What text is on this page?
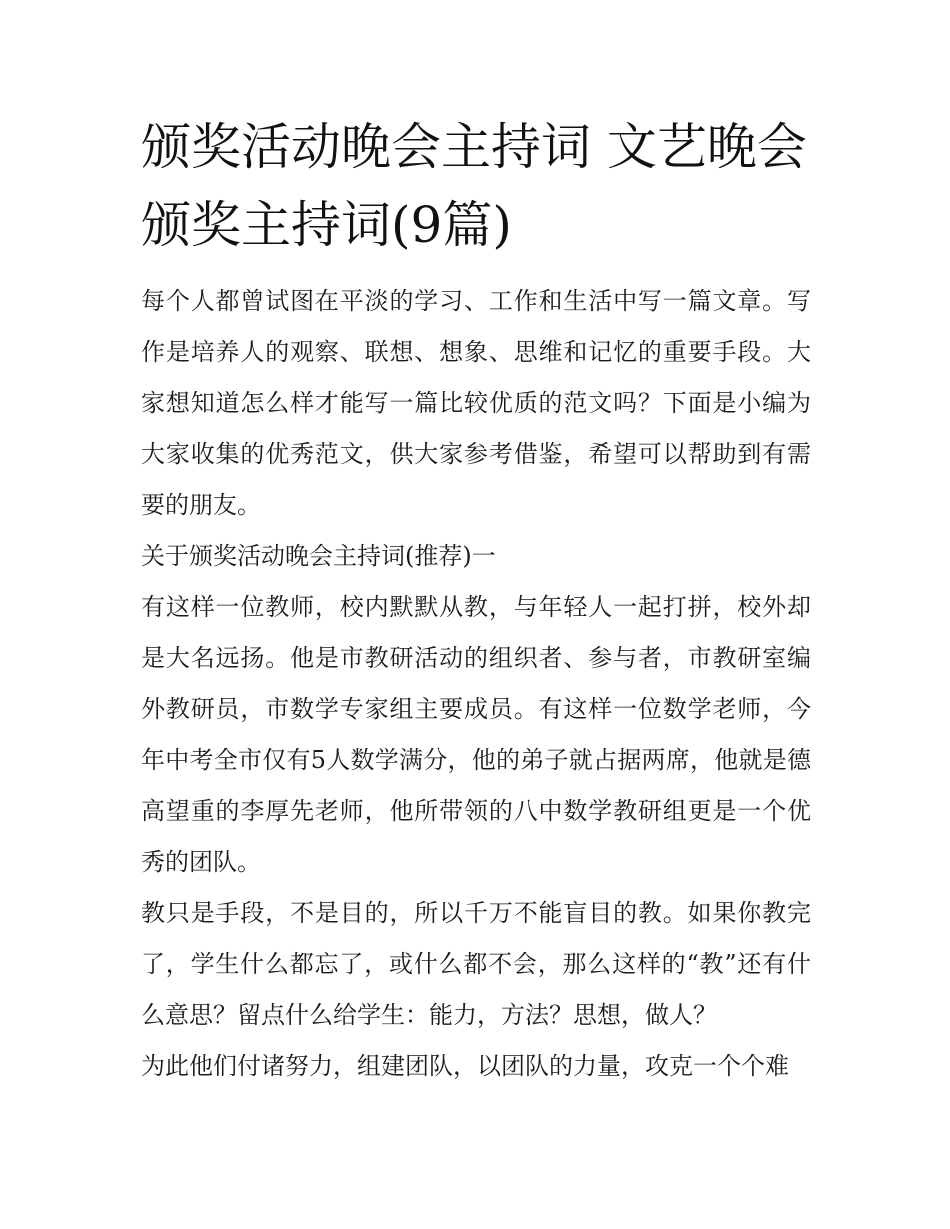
颁奖活动晚会主持词 文艺晚会颁奖主持词(9篇)

每个人都曾试图在平淡的学习、工作和生活中写一篇文章。写作是培养人的观察、联想、想象、思维和记忆的重要手段。大家想知道怎么样才能写一篇比较优质的范文吗？下面是小编为大家收集的优秀范文，供大家参考借鉴，希望可以帮助到有需要的朋友。

关于颁奖活动晚会主持词(推荐)一

有这样一位教师，校内默默从教，与年轻人一起打拼，校外却是大名远扬。他是市教研活动的组织者、参与者，市教研室编外教研员，市数学专家组主要成员。有这样一位数学老师，今年中考全市仅有5人数学满分，他的弟子就占据两席，他就是德高望重的李厚先老师，他所带领的八中数学教研组更是一个优秀的团队。

教只是手段，不是目的，所以千万不能盲目的教。如果你教完了，学生什么都忘了，或什么都不会，那么这样的“教”还有什么意思？留点什么给学生：能力，方法？思想，做人？

为此他们付诸努力，组建团队，以团队的力量，攻克一个个难
